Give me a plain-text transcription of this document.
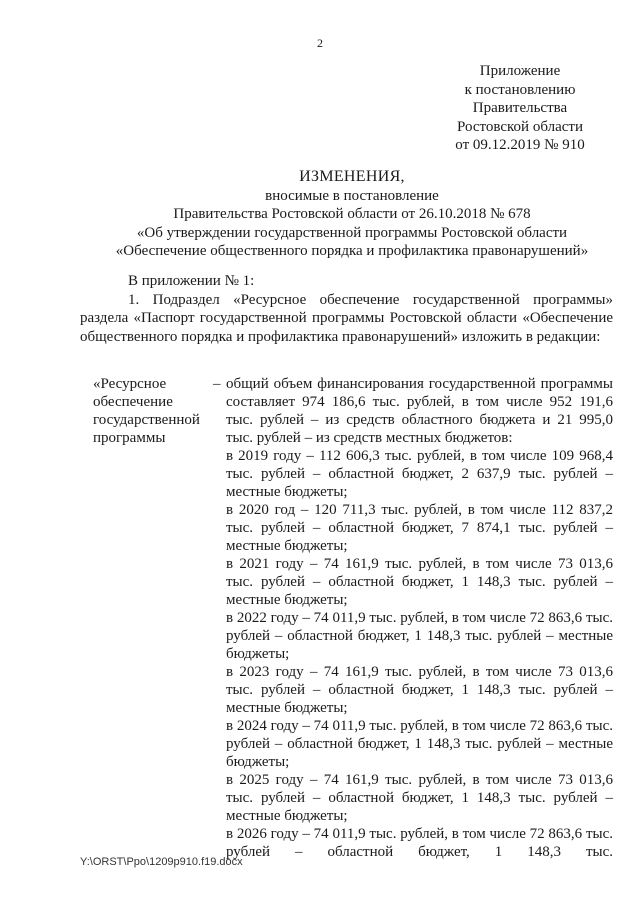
2
Приложение
к постановлению
Правительства
Ростовской области
от 09.12.2019 № 910
ИЗМЕНЕНИЯ,
вносимые в постановление
Правительства Ростовской области от 26.10.2018 № 678
«Об утверждении государственной программы Ростовской области
«Обеспечение общественного порядка и профилактика правонарушений»
В приложении № 1:
1. Подраздел «Ресурсное обеспечение государственной программы» раздела «Паспорт государственной программы Ростовской области «Обеспечение общественного порядка и профилактика правонарушений» изложить в редакции:
«Ресурсное обеспечение государственной программы
– общий объем финансирования государственной программы составляет 974 186,6 тыс. рублей, в том числе 952 191,6 тыс. рублей – из средств областного бюджета и 21 995,0 тыс. рублей – из средств местных бюджетов:
в 2019 году – 112 606,3 тыс. рублей, в том числе 109 968,4 тыс. рублей – областной бюджет, 2 637,9 тыс. рублей – местные бюджеты;
в 2020 год – 120 711,3 тыс. рублей, в том числе 112 837,2 тыс. рублей – областной бюджет, 7 874,1 тыс. рублей – местные бюджеты;
в 2021 году – 74 161,9 тыс. рублей, в том числе 73 013,6 тыс. рублей – областной бюджет, 1 148,3 тыс. рублей – местные бюджеты;
в 2022 году – 74 011,9 тыс. рублей, в том числе 72 863,6 тыс. рублей – областной бюджет, 1 148,3 тыс. рублей – местные бюджеты;
в 2023 году – 74 161,9 тыс. рублей, в том числе 73 013,6 тыс. рублей – областной бюджет, 1 148,3 тыс. рублей – местные бюджеты;
в 2024 году – 74 011,9 тыс. рублей, в том числе 72 863,6 тыс. рублей – областной бюджет, 1 148,3 тыс. рублей – местные бюджеты;
в 2025 году – 74 161,9 тыс. рублей, в том числе 73 013,6 тыс. рублей – областной бюджет, 1 148,3 тыс. рублей – местные бюджеты;
в 2026 году – 74 011,9 тыс. рублей, в том числе 72 863,6 тыс. рублей – областной бюджет, 1 148,3 тыс.
Y:\ORST\Ppo\1209p910.f19.docx
